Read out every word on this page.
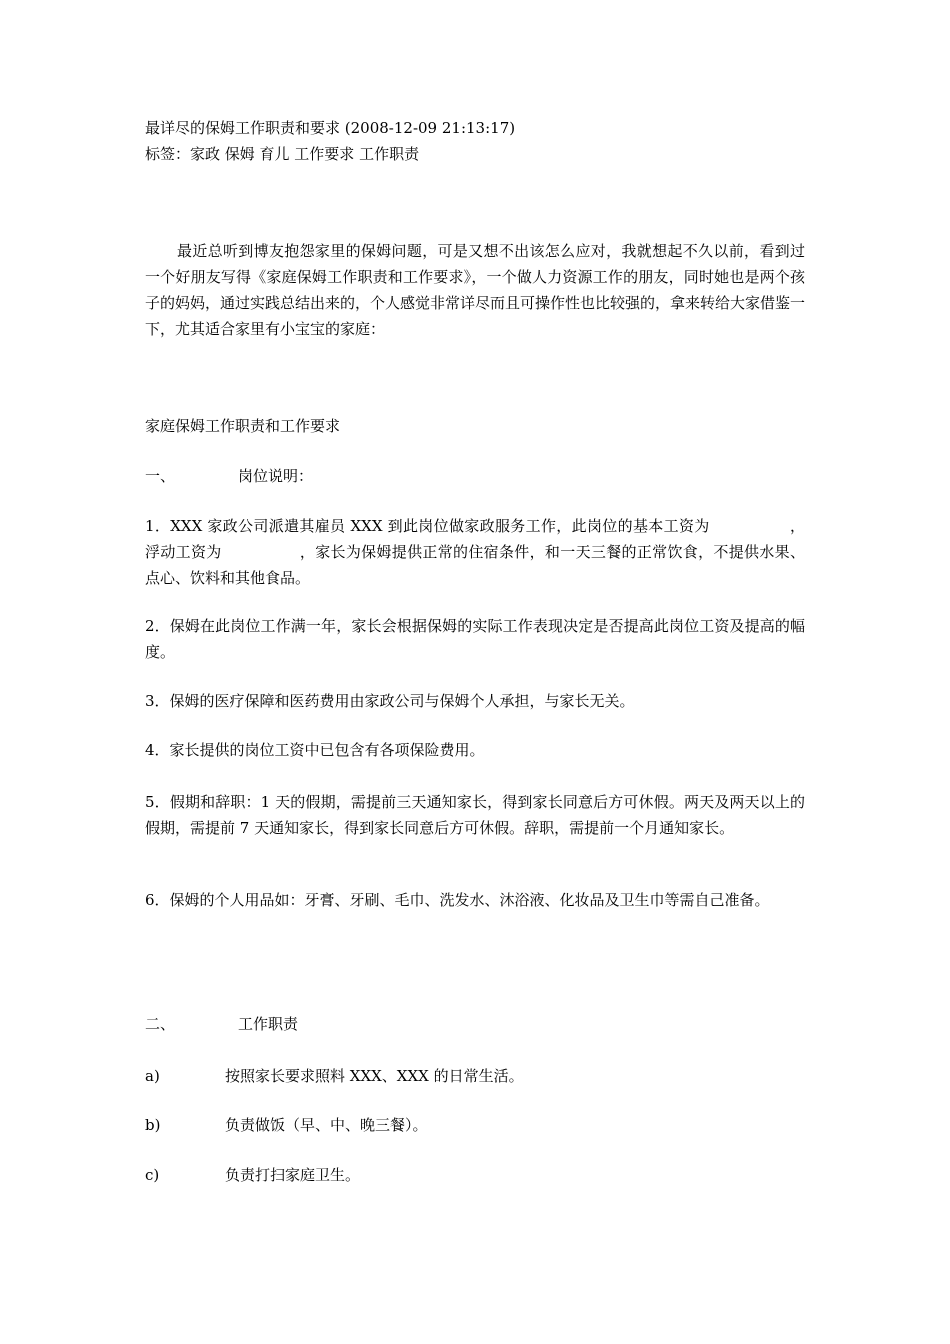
最详尽的保姆工作职责和要求 (2008-12-09 21:13:17)
标签：家政 保姆 育儿 工作要求 工作职责
最近总听到博友抱怨家里的保姆问题，可是又想不出该怎么应对，我就想起不久以前，看到过一个好朋友写得《家庭保姆工作职责和工作要求》，一个做人力资源工作的朋友，同时她也是两个孩子的妈妈，通过实践总结出来的，个人感觉非常详尽而且可操作性也比较强的，拿来转给大家借鉴一下，尤其适合家里有小宝宝的家庭：
家庭保姆工作职责和工作要求
一、	岗位说明：
1．XXX 家政公司派遣其雇员 XXX 到此岗位做家政服务工作，此岗位的基本工资为	，浮动工资为	，家长为保姆提供正常的住宿条件，和一天三餐的正常饮食，不提供水果、点心、饮料和其他食品。
2．保姆在此岗位工作满一年，家长会根据保姆的实际工作表现决定是否提高此岗位工资及提高的幅度。
3．保姆的医疗保障和医药费用由家政公司与保姆个人承担，与家长无关。
4．家长提供的岗位工资中已包含有各项保险费用。
5．假期和辞职：1 天的假期，需提前三天通知家长，得到家长同意后方可休假。两天及两天以上的假期，需提前 7 天通知家长，得到家长同意后方可休假。辞职，需提前一个月通知家长。
6．保姆的个人用品如：牙膏、牙刷、毛巾、洗发水、沐浴液、化妆品及卫生巾等需自己准备。
二、	工作职责
a)	按照家长要求照料 XXX、XXX 的日常生活。
b)	负责做饭（早、中、晚三餐）。
c)	负责打扫家庭卫生。
